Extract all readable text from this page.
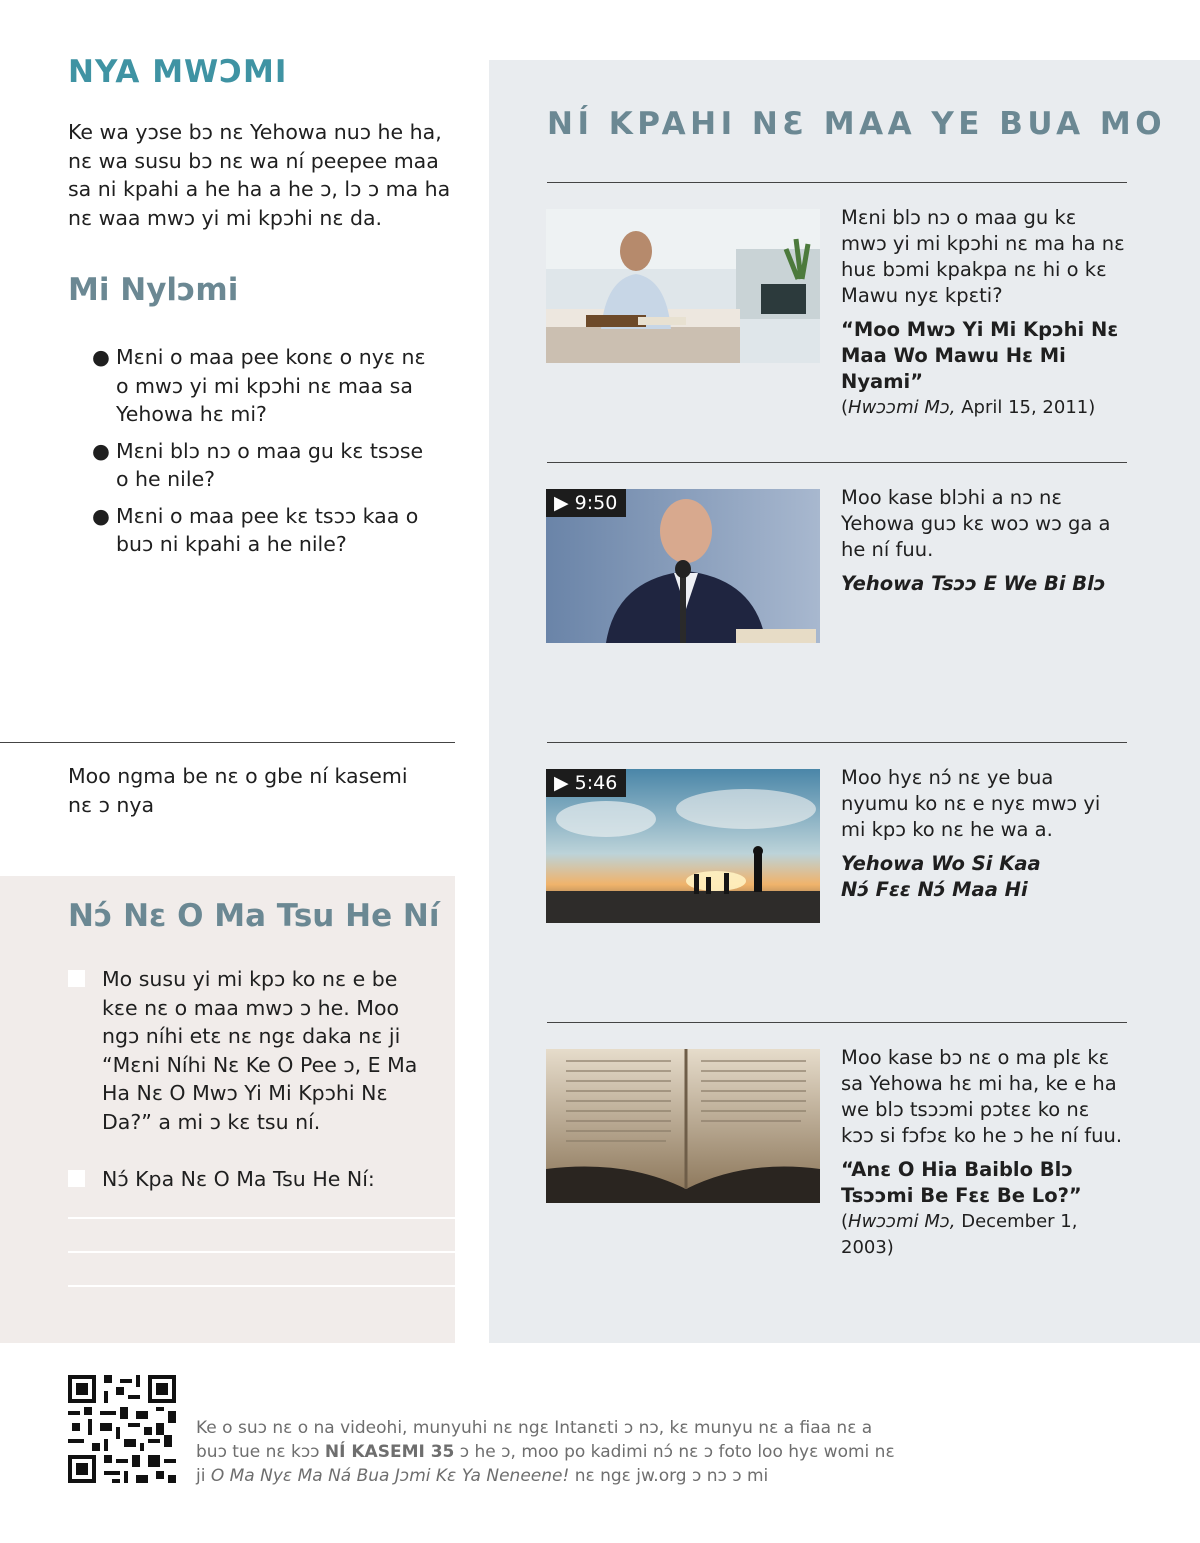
NYA MWƆMI

Ke wa yɔse bɔ nɛ Yehowa nuɔ he ha, nɛ wa susu bɔ nɛ wa ní peepee maa sa ni kpahi a he ha a he ɔ, lɔ ɔ ma ha nɛ waa mwɔ yi mi kpɔhi nɛ da.

Mi Nylɔmi
● Mɛni o maa pee konɛ o nyɛ nɛ o mwɔ yi mi kpɔhi nɛ maa sa Yehowa hɛ mi?
● Mɛni blɔ nɔ o maa gu kɛ tsɔse o he nile?
● Mɛni o maa pee kɛ tsɔɔ kaa o buɔ ni kpahi a he nile?

Moo ngma be nɛ o gbe ní kasemi nɛ ɔ nya

Nɔ́ Nɛ O Ma Tsu He Ní
Mo susu yi mi kpɔ ko nɛ e be kɛe nɛ o maa mwɔ ɔ he. Moo ngɔ níhi etɛ nɛ ngɛ daka nɛ ji “Mɛni Níhi Nɛ Ke O Pee ɔ, E Ma Ha Nɛ O Mwɔ Yi Mi Kpɔhi Nɛ Da?” a mi ɔ kɛ tsu ní.
Nɔ́ Kpa Nɛ O Ma Tsu He Ní:
NÍ KPAHI NƐ MAA YE BUA MO

Mɛni blɔ nɔ o maa gu kɛ mwɔ yi mi kpɔhi nɛ ma ha nɛ huɛ bɔmi kpakpa nɛ hi o kɛ Mawu nyɛ kpɛti?

“Moo Mwɔ Yi Mi Kpɔhi Nɛ Maa Wo Mawu Hɛ Mi Nyami”

(Hwɔɔmi Mɔ, April 15, 2011)

▶ 9:50	Moo kase blɔhi a nɔ nɛ Yehowa guɔ kɛ woɔ wɔ ga a he ní fuu.

Yehowa Tsɔɔ E We Bi Blɔ

▶ 5:46	Moo hyɛ nɔ́ nɛ ye bua nyumu ko nɛ e nyɛ mwɔ yi mi kpɔ ko nɛ he wa a.

Yehowa Wo Si Kaa
Nɔ́ Fɛɛ Nɔ́ Maa Hi

Moo kase bɔ nɛ o ma plɛ kɛ sa Yehowa hɛ mi ha, ke e ha we blɔ tsɔɔmi pɔtɛɛ ko nɛ kɔɔ si fɔfɔɛ ko he ɔ he ní fuu.

“Anɛ O Hia Baiblo Blɔ Tsɔɔmi Be Fɛɛ Be Lo?”

(Hwɔɔmi Mɔ, December 1, 2003)

Ke o suɔ nɛ o na videohi, munyuhi nɛ ngɛ Intanɛti ɔ nɔ, kɛ munyu nɛ a fiaa nɛ a buɔ tue nɛ kɔɔ NÍ KASEMI 35 ɔ he ɔ, moo po kadimi nɔ́ nɛ ɔ foto loo hyɛ womi nɛ ji O Ma Nyɛ Ma Ná Bua Jɔmi Kɛ Ya Neneene! nɛ ngɛ jw.org ɔ nɔ ɔ mi
